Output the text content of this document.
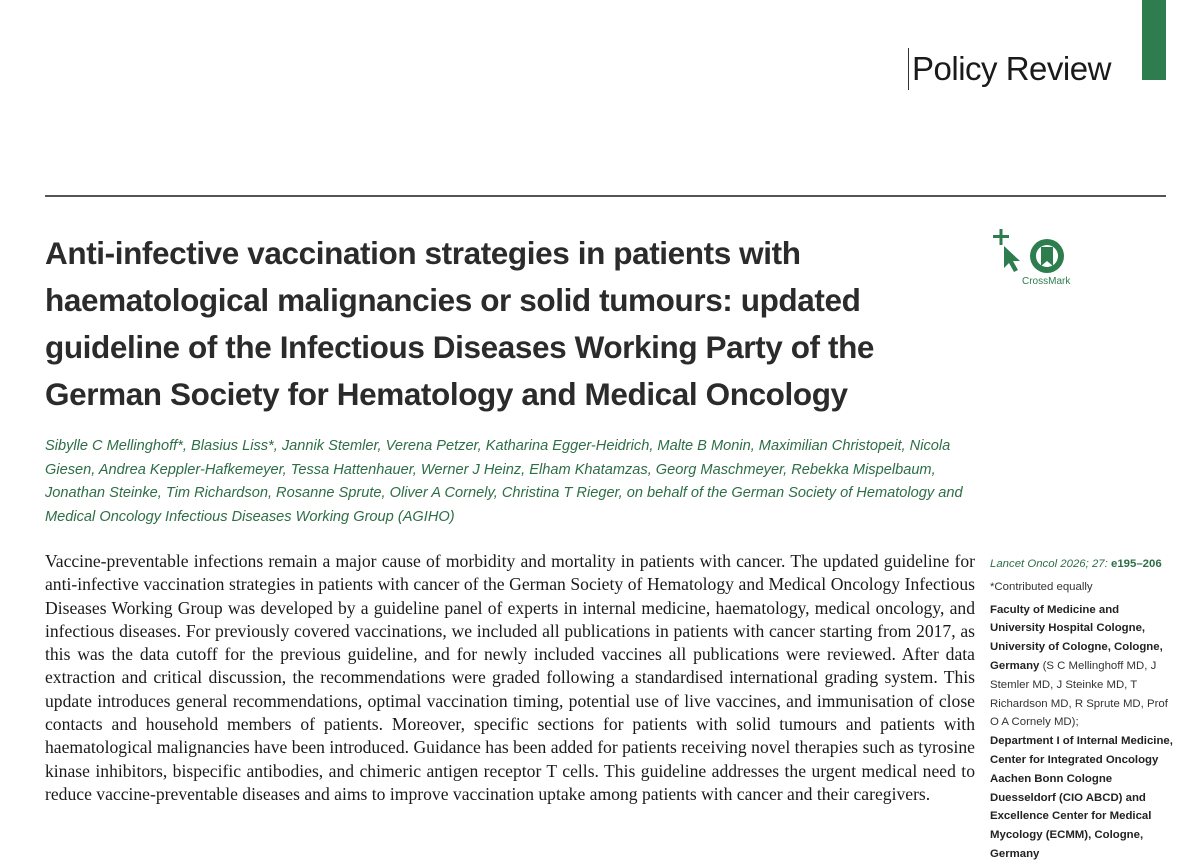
Policy Review
Anti-infective vaccination strategies in patients with haematological malignancies or solid tumours: updated guideline of the Infectious Diseases Working Party of the German Society for Hematology and Medical Oncology
CrossMark

Sibylle C Mellinghoff*, Blasius Liss*, Jannik Stemler, Verena Petzer, Katharina Egger-Heidrich, Malte B Monin, Maximilian Christopeit, Nicola Giesen, Andrea Keppler-Hafkemeyer, Tessa Hattenhauer, Werner J Heinz, Elham Khatamzas, Georg Maschmeyer, Rebekka Mispelbaum, Jonathan Steinke, Tim Richardson, Rosanne Sprute, Oliver A Cornely, Christina T Rieger, on behalf of the German Society of Hematology and Medical Oncology Infectious Diseases Working Group (AGIHO)

Vaccine-preventable infections remain a major cause of morbidity and mortality in patients with cancer. The updated guideline for anti-infective vaccination strategies in patients with cancer of the German Society of Hematology and Medical Oncology Infectious Diseases Working Group was developed by a guideline panel of experts in internal medicine, haematology, medical oncology, and infectious diseases. For previously covered vaccinations, we included all publications in patients with cancer starting from 2017, as this was the data cutoff for the previous guideline, and for newly included vaccines all publications were reviewed. After data extraction and critical discussion, the recommendations were graded following a standardised international grading system. This update introduces general recommendations, optimal vaccination timing, potential use of live vaccines, and immunisation of close contacts and household members of patients. Moreover, specific sections for patients with solid tumours and patients with haematological malignancies have been introduced. Guidance has been added for patients receiving novel therapies such as tyrosine kinase inhibitors, bispecific antibodies, and chimeric antigen receptor T cells. This guideline addresses the urgent medical need to reduce vaccine-preventable diseases and aims to improve vaccination uptake among patients with cancer and their caregivers.

Lancet Oncol 2026; 27: e195–206
*Contributed equally
Faculty of Medicine and University Hospital Cologne, University of Cologne, Cologne, Germany (S C Mellinghoff MD, J Stemler MD, J Steinke MD, T Richardson MD, R Sprute MD, Prof O A Cornely MD);
Department I of Internal Medicine, Center for Integrated Oncology Aachen Bonn Cologne Duesseldorf (CIO ABCD) and Excellence Center for Medical Mycology (ECMM), Cologne, Germany
